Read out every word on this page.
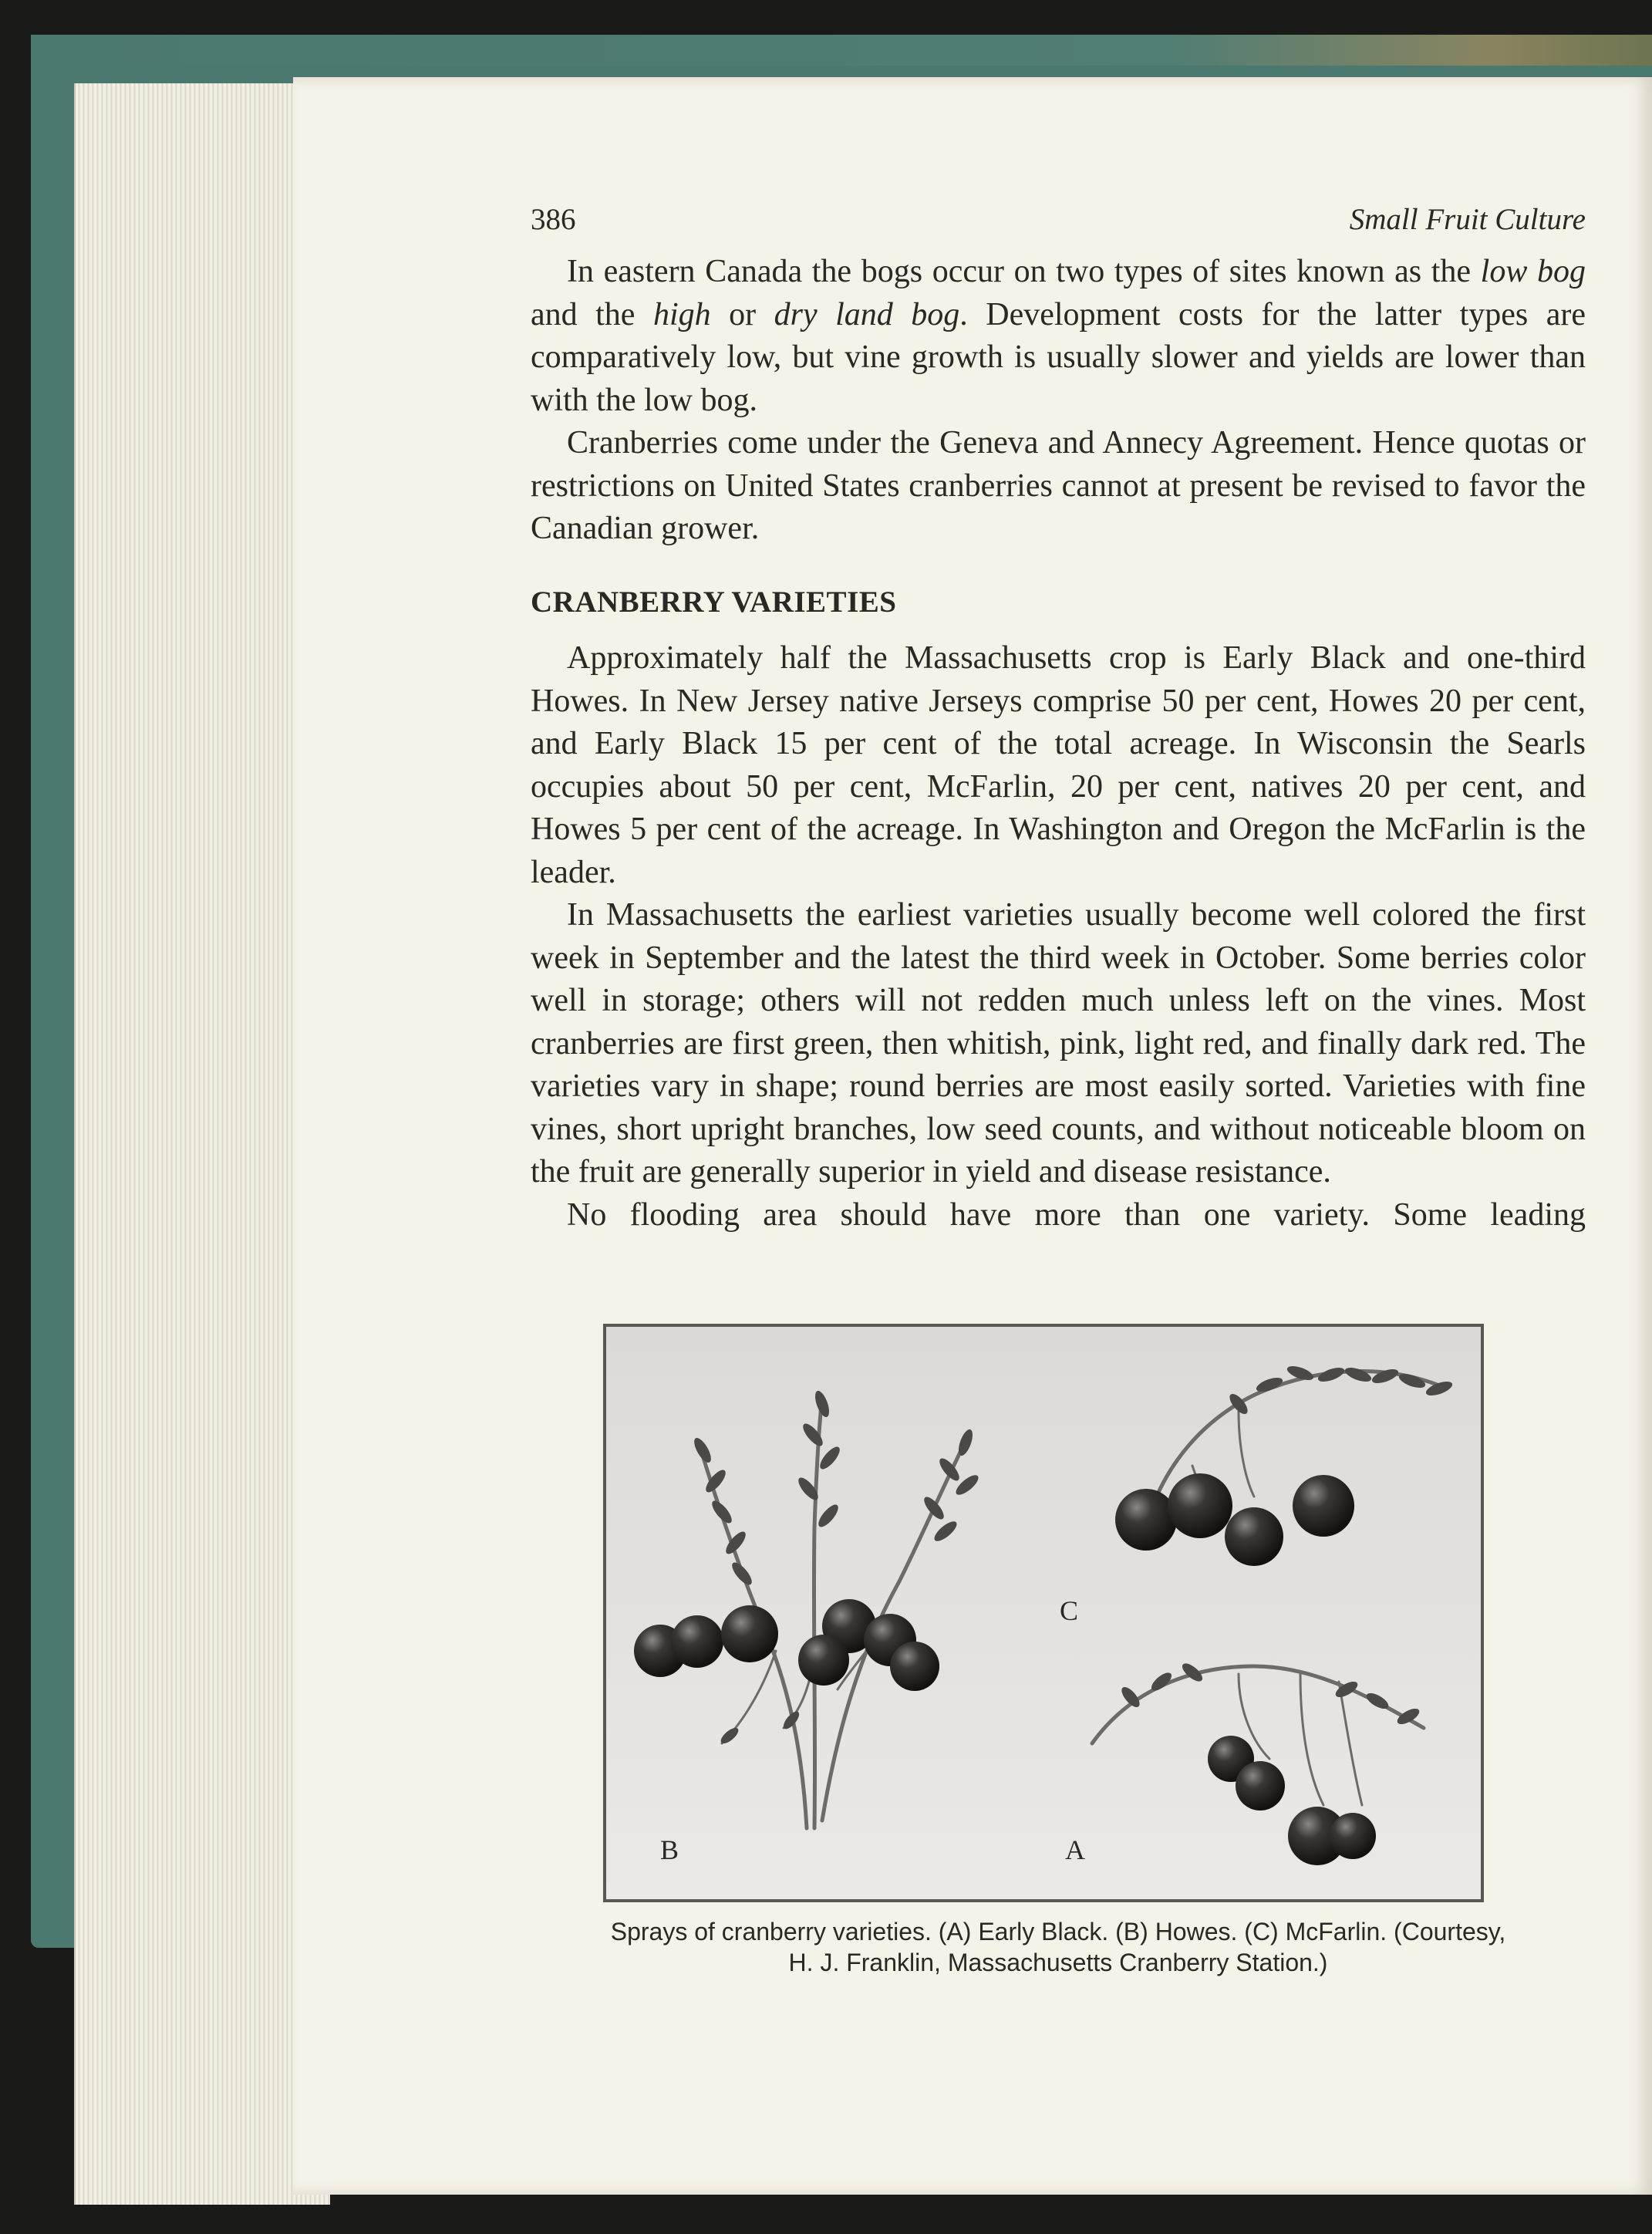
386	Small Fruit Culture

In eastern Canada the bogs occur on two types of sites known as the low bog and the high or dry land bog. Development costs for the latter types are comparatively low, but vine growth is usually slower and yields are lower than with the low bog.

Cranberries come under the Geneva and Annecy Agreement. Hence quotas or restrictions on United States cranberries cannot at present be revised to favor the Canadian grower.

CRANBERRY VARIETIES

Approximately half the Massachusetts crop is Early Black and one-third Howes. In New Jersey native Jerseys comprise 50 per cent, Howes 20 per cent, and Early Black 15 per cent of the total acreage. In Wisconsin the Searls occupies about 50 per cent, McFarlin, 20 per cent, natives 20 per cent, and Howes 5 per cent of the acreage. In Washington and Oregon the McFarlin is the leader.

In Massachusetts the earliest varieties usually become well colored the first week in September and the latest the third week in October. Some berries color well in storage; others will not redden much unless left on the vines. Most cranberries are first green, then whitish, pink, light red, and finally dark red. The varieties vary in shape; round berries are most easily sorted. Varieties with fine vines, short upright branches, low seed counts, and without noticeable bloom on the fruit are generally superior in yield and disease resistance.

No flooding area should have more than one variety. Some leading

B
C
A

Sprays of cranberry varieties. (A) Early Black. (B) Howes. (C) McFarlin. (Courtesy,
H. J. Franklin, Massachusetts Cranberry Station.)
